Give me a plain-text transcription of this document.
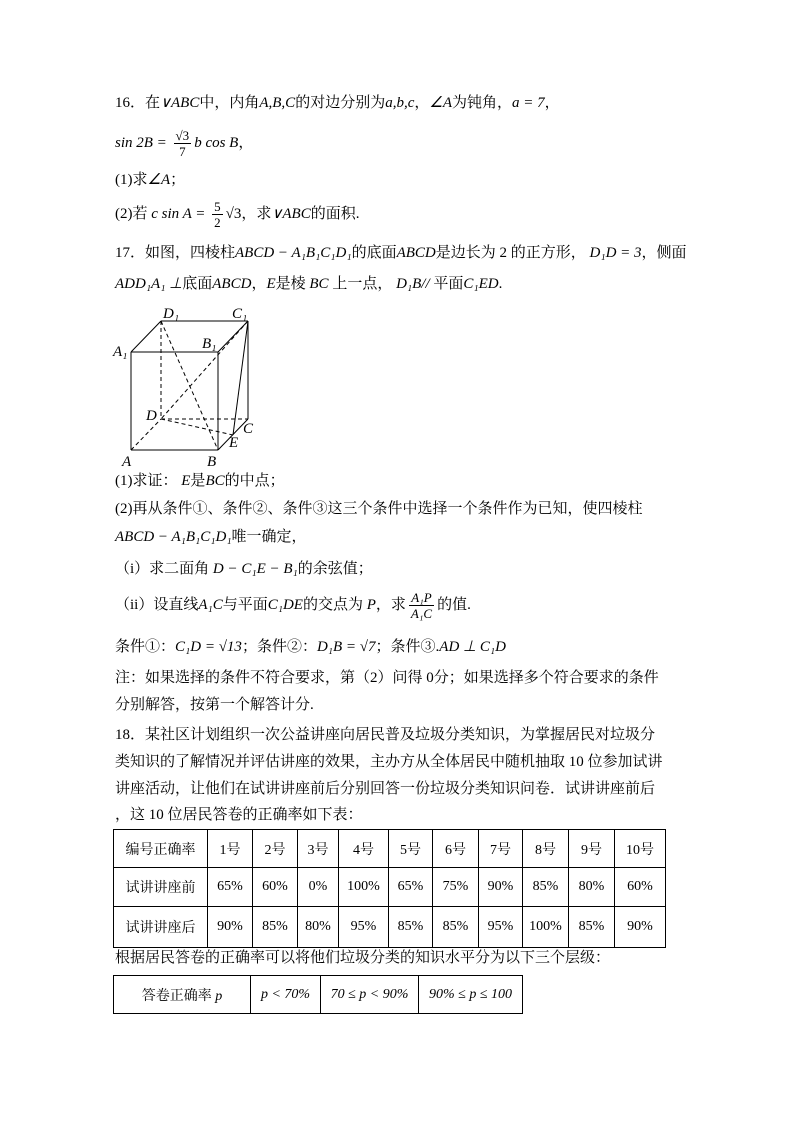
16．在∨ABC中，内角A,B,C的对边分别为a,b,c，∠A为钝角，a = 7，
$\sin 2B = \frac{√3}{7}$ b cos B，
(1)求∠A；
(2)若 c $\sin A = \frac{5}{2} √3$，求∨ABC的面积.
17．如图，四棱柱ABCD − A₁B₁C₁D₁的底面ABCD是边长为 2 的正方形， D₁D = 3，侧面
ADD₁A₁ ⊥底面ABCD，E是棱 BC 上一点， D₁B// 平面C₁ED.
D₁	C₁
A₁	B₁
D
C
E
A	B
(1)求证： E是BC的中点；
(2)再从条件①、条件②、条件③这三个条件中选择一个条件作为已知，使四棱柱
ABCD − A₁B₁C₁D₁唯一确定，
（i）求二面角 D − C₁E − B₁的余弦值；
（ii）设直线A₁C与平面C₁DE的交点为 P，求 $\frac{\text{A₁P}}{\text{A₁C}}$ 的值.
条件①：C₁D = √13；条件②：D₁B = √7；条件③.AD ⊥ C₁D
注：如果选择的条件不符合要求，第（2）问得 0分；如果选择多个符合要求的条件
分别解答，按第一个解答计分.
18．某社区计划组织一次公益讲座向居民普及垃圾分类知识，为掌握居民对垃圾分
类知识的了解情况并评估讲座的效果，主办方从全体居民中随机抽取 10 位参加试讲
讲座活动，让他们在试讲讲座前后分别回答一份垃圾分类知识问卷．试讲讲座前后
，这 10 位居民答卷的正确率如下表：
编号正确率	1号	2号	3号	4号	5号	6号	7号	8号	9号	10号
试讲讲座前	65%	60%	0%	100%	65%	75%	90%	85%	80%	60%
试讲讲座后	90%	85%	80%	95%	85%	85%	95%	100%	85%	90%
根据居民答卷的正确率可以将他们垃圾分类的知识水平分为以下三个层级：
答卷正确率 p	p < 70%	70 ≤ p < 90%	90% ≤ p ≤ 100
